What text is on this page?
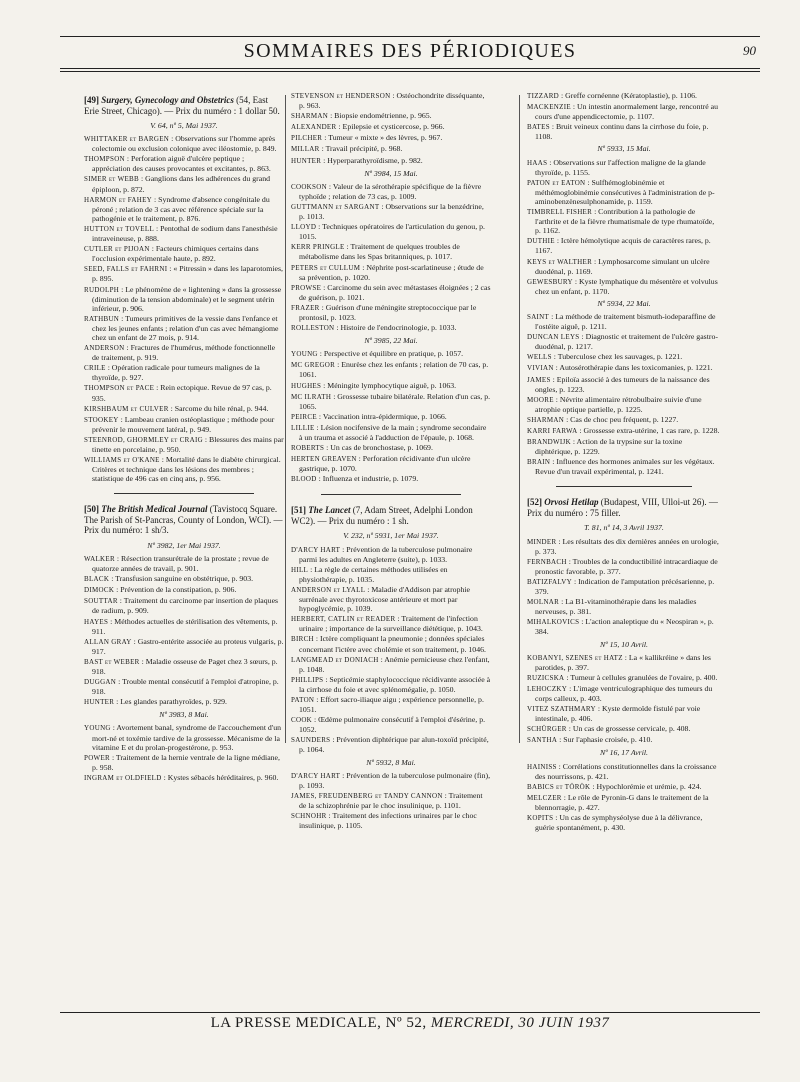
SOMMAIRES DES PÉRIODIQUES	90
[49] Surgery, Gynecology and Obstetrics (54, East Erie Street, Chicago). — Prix du numéro : 1 dollar 50.
V. 64, nº 5, Mai 1937.
WHITTAKER et BARGEN : Observations sur l'homme après colectomie ou exclusion colonique avec iléostomie, p. 849.
THOMPSON : Perforation aiguë d'ulcère peptique ; appréciation des causes provocantes et excitantes, p. 863.
SIMER et WEBB : Ganglions dans les adhérences du grand épiploon, p. 872.
HARMON et FAHEY : Syndrome d'absence congénitale du péroné ; relation de 3 cas avec référence spéciale sur la pathogénie et le traitement, p. 876.
HUTTON et TOVELL : Pentothal de sodium dans l'anesthésie intraveineuse, p. 888.
CUTLER et PIJOAN : Facteurs chimiques certains dans l'occlusion expérimentale haute, p. 892.
SEED, FALLS et FAHRNI : « Pitressin » dans les laparotomies, p. 895.
RUDOLPH : Le phénomène de « lightening » dans la grossesse (diminution de la tension abdominale) et le segment utérin inférieur, p. 906.
RATHBUN : Tumeurs primitives de la vessie dans l'enfance et chez les jeunes enfants ; relation d'un cas avec hémangiome chez un enfant de 27 mois, p. 914.
ANDERSON : Fractures de l'humérus, méthode fonctionnelle de traitement, p. 919.
CRILE : Opération radicale pour tumeurs malignes de la thyroïde, p. 927.
THOMPSON et PACE : Rein ectopique. Revue de 97 cas, p. 935.
KIRSHBAUM et CULVER : Sarcome du hile rénal, p. 944.
STOOKEY : Lambeau cranien ostéoplastique ; méthode pour prévenir le mouvement latéral, p. 949.
STEENROD, GHORMLEY et CRAIG : Blessures des mains par tinette en porcelaine, p. 950.
WILLIAMS et O'KANE : Mortalité dans le diabète chirurgical. Critères et technique dans les lésions des membres ; statistique de 496 cas en cinq ans, p. 956.
[50] The British Medical Journal (Tavistocq Square. The Parish of St-Pancras, County of London, WCI). — Prix du numéro: 1 sh/3.
Nº 3982, 1er Mai 1937.
WALKER : Résection transurétrale de la prostate ; revue de quatorze années de travail, p. 901.
BLACK : Transfusion sanguine en obstétrique, p. 903.
DIMOCK : Prévention de la constipation, p. 906.
SOUTTAR : Traitement du carcinome par insertion de plaques de radium, p. 909.
HAYES : Méthodes actuelles de stérilisation des vêtements, p. 911.
ALLAN GRAY : Gastro-entérite associée au proteus vulgaris, p. 917.
BAST et WEBER : Maladie osseuse de Paget chez 3 sœurs, p. 918.
DUGGAN : Trouble mental consécutif à l'emploi d'atropine, p. 918.
HUNTER : Les glandes parathyroïdes, p. 929.
Nº 3983, 8 Mai.
YOUNG : Avortement banal, syndrome de l'accouchement d'un mort-né et toxémie tardive de la grossesse. Mécanisme de la vitamine E et du prolan-progestérone, p. 953.
POWER : Traitement de la hernie ventrale de la ligne médiane, p. 958.
INGRAM et OLDFIELD : Kystes sébacés héréditaires, p. 960.
STEVENSON et HENDERSON : Ostéochondrite disséquante, p. 963.
SHARMAN : Biopsie endométrienne, p. 965.
ALEXANDER : Epilepsie et cysticercose, p. 966.
PILCHER : Tumeur « mixte » des lèvres, p. 967.
MILLAR : Travail précipité, p. 968.
HUNTER : Hyperparathyroïdisme, p. 982.
Nº 3984, 15 Mai.
COOKSON : Valeur de la sérothérapie spécifique de la fièvre typhoïde ; relation de 73 cas, p. 1009.
GUTTMANN et SARGANT : Observations sur la benzédrine, p. 1013.
LLOYD : Techniques opératoires de l'articulation du genou, p. 1015.
KERR PRINGLE : Traitement de quelques troubles de métabolisme dans les Spas britanniques, p. 1017.
PETERS et CULLUM : Néphrite post-scarlatineuse ; étude de sa prévention, p. 1020.
PROWSE : Carcinome du sein avec métastases éloignées ; 2 cas de guérison, p. 1021.
FRAZER : Guérison d'une méningite streptococcique par le prontosil, p. 1023.
ROLLESTON : Histoire de l'endocrinologie, p. 1033.
Nº 3985, 22 Mai.
YOUNG : Perspective et équilibre en pratique, p. 1057.
MC GREGOR : Enurèse chez les enfants ; relation de 70 cas, p. 1061.
HUGHES : Méningite lymphocytique aiguë, p. 1063.
MC ILRATH : Grossesse tubaire bilatérale. Relation d'un cas, p. 1065.
PEIRCE : Vaccination intra-épidermique, p. 1066.
LILLIE : Lésion nocifensive de la main ; syndrome secondaire à un trauma et associé à l'adduction de l'épaule, p. 1068.
ROBERTS : Un cas de bronchostase, p. 1069.
HERTEN GREAVEN : Perforation récidivante d'un ulcère gastrique, p. 1070.
BLOOD : Influenza et industrie, p. 1079.
[51] The Lancet (7, Adam Street, Adelphi London WC2). — Prix du numéro : 1 sh.
V. 232, nº 5931, 1er Mai 1937.
D'ARCY HART : Prévention de la tuberculose pulmonaire parmi les adultes en Angleterre (suite), p. 1033.
HILL : La règle de certaines méthodes utilisées en physiothérapie, p. 1035.
ANDERSON et LYALL : Maladie d'Addison par atrophie surrénale avec thyrotoxicose antérieure et mort par hypoglycémie, p. 1039.
HERBERT, CATLIN et READER : Traitement de l'infection urinaire ; importance de la surveillance diététique, p. 1043.
BIRCH : Ictère compliquant la pneumonie ; données spéciales concernant l'ictère avec cholémie et son traitement, p. 1046.
LANGMEAD et DONIACH : Anémie pernicieuse chez l'enfant, p. 1048.
PHILLIPS : Septicémie staphylococcique récidivante associée à la cirrhose du foie et avec splénomégalie, p. 1050.
PATON : Effort sacro-iliaque aigu ; expérience personnelle, p. 1051.
COOK : Œdème pulmonaire consécutif à l'emploi d'ésérine, p. 1052.
SAUNDERS : Prévention diphtérique par alun-toxoïd précipité, p. 1064.
Nº 5932, 8 Mai.
D'ARCY HART : Prévention de la tuberculose pulmonaire (fin), p. 1093.
JAMES, FREUDENBERG et TANDY CANNON : Traitement de la schizophrénie par le choc insulinique, p. 1101.
SCHNOHR : Traitement des infections urinaires par le choc insulinique, p. 1105.
TIZZARD : Greffe cornéenne (Kératoplastie), p. 1106.
MACKENZIE : Un intestin anormalement large, rencontré au cours d'une appendicectomie, p. 1107.
BATES : Bruit veineux continu dans la cirrhose du foie, p. 1108.
Nº 5933, 15 Mai.
HAAS : Observations sur l'affection maligne de la glande thyroïde, p. 1155.
PATON et EATON : Sulfhémoglobinémie et méthémoglobinémie consécutives à l'administration de p-aminobenzènesulphonamide, p. 1159.
TIMBRELL FISHER : Contribution à la pathologie de l'arthrite et de la fièvre rhumatismale de type rhumatoïde, p. 1162.
DUTHIE : Ictère hémolytique acquis de caractères rares, p. 1167.
KEYS et WALTHER : Lymphosarcome simulant un ulcère duodénal, p. 1169.
GEWESBURY : Kyste lymphatique du mésentère et volvulus chez un enfant, p. 1170.
Nº 5934, 22 Mai.
SAINT : La méthode de traitement bismuth-iodeparaffine de l'ostéite aiguë, p. 1211.
DUNCAN LEYS : Diagnostic et traitement de l'ulcère gastro-duodénal, p. 1217.
WELLS : Tuberculose chez les sauvages, p. 1221.
VIVIAN : Autosérothérapie dans les toxicomanies, p. 1221.
JAMES : Epiloïa associé à des tumeurs de la naissance des ongles, p. 1223.
MOORE : Névrite alimentaire rétrobulbaire suivie d'une atrophie optique partielle, p. 1225.
SHARMAN : Cas de choc peu fréquent, p. 1227.
KARRI FARWA : Grossesse extra-utérine, 1 cas rare, p. 1228.
BRANDWIJK : Action de la trypsine sur la toxine diphtérique, p. 1229.
BRAIN : Influence des hormones animales sur les végétaux. Revue d'un travail expérimental, p. 1241.
[52] Orvosi Hetilap (Budapest, VIII, Ulloi-ut 26). — Prix du numéro : 75 filler.
T. 81, nº 14, 3 Avril 1937.
MINDER : Les résultats des dix dernières années en urologie, p. 373.
FERNBACH : Troubles de la conductibilité intracardiaque de pronostic favorable, p. 377.
BATIZFALVY : Indication de l'amputation précésarienne, p. 379.
MOLNAR : La B1-vitaminothérapie dans les maladies nerveuses, p. 381.
MIHALKOVICS : L'action analeptique du « Neospiran », p. 384.
Nº 15, 10 Avril.
KOBANYI, SZENES et HATZ : La « kallikréine » dans les parotides, p. 397.
RUZICSKA : Tumeur à cellules granulées de l'ovaire, p. 400.
LEHOCZKY : L'image ventriculographique des tumeurs du corps calleux, p. 403.
VITEZ SZATHMARY : Kyste dermoïde fistulé par voie intestinale, p. 406.
SCHÜRGER : Un cas de grossesse cervicale, p. 408.
SANTHA : Sur l'aphasie croisée, p. 410.
Nº 16, 17 Avril.
HAINISS : Corrélations constitutionnelles dans la croissance des nourrissons, p. 421.
BABICS et TÖRÖK : Hypochlorémie et urémie, p. 424.
MELCZER : Le rôle de Pyronin-G dans le traitement de la blennorragie, p. 427.
KOPITS : Un cas de symphyséolyse due à la délivrance, guérie spontanément, p. 430.
LA PRESSE MEDICALE, Nº 52, MERCREDI, 30 JUIN 1937
